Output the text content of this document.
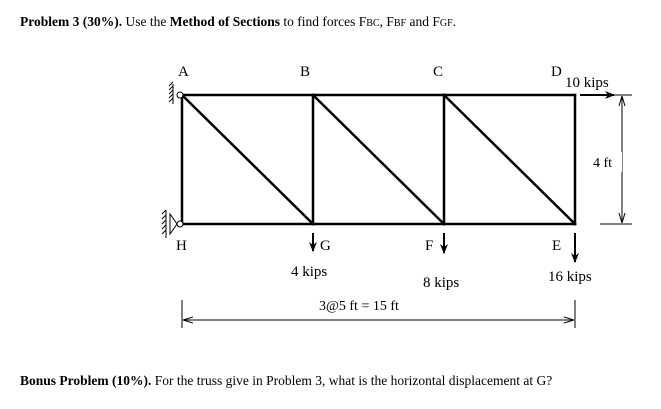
Problem 3 (30%). Use the Method of Sections to find forces FBC, FBF and FGF.
A	B	C	D
H	G	F	E
10 kips
4 kips
8 kips	16 kips
4 ft
3@5 ft = 15 ft
Bonus Problem (10%). For the truss give in Problem 3, what is the horizontal displacement at G?
